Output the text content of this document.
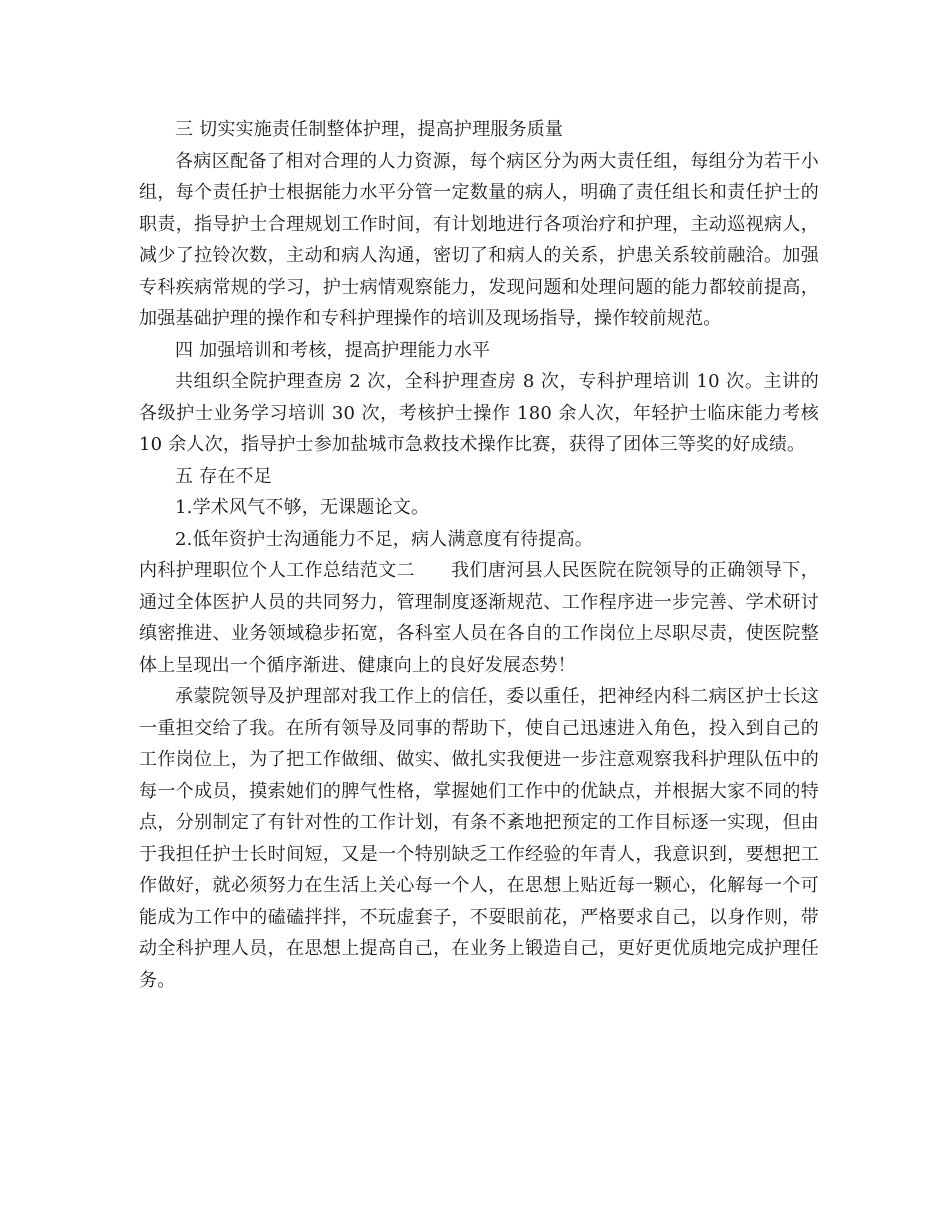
三 切实实施责任制整体护理，提高护理服务质量

各病区配备了相对合理的人力资源，每个病区分为两大责任组，每组分为若干小组，每个责任护士根据能力水平分管一定数量的病人，明确了责任组长和责任护士的职责，指导护士合理规划工作时间，有计划地进行各项治疗和护理，主动巡视病人，减少了拉铃次数，主动和病人沟通，密切了和病人的关系，护患关系较前融洽。加强专科疾病常规的学习，护士病情观察能力，发现问题和处理问题的能力都较前提高，加强基础护理的操作和专科护理操作的培训及现场指导，操作较前规范。

四 加强培训和考核，提高护理能力水平

共组织全院护理查房 2 次，全科护理查房 8 次，专科护理培训 10 次。主讲的各级护士业务学习培训 30 次，考核护士操作 180 余人次，年轻护士临床能力考核 10 余人次，指导护士参加盐城市急救技术操作比赛，获得了团体三等奖的好成绩。

五 存在不足

1.学术风气不够，无课题论文。

2.低年资护士沟通能力不足，病人满意度有待提高。

内科护理职位个人工作总结范文二 我们唐河县人民医院在院领导的正确领导下，通过全体医护人员的共同努力，管理制度逐渐规范、工作程序进一步完善、学术研讨缜密推进、业务领域稳步拓宽，各科室人员在各自的工作岗位上尽职尽责，使医院整体上呈现出一个循序渐进、健康向上的良好发展态势！

承蒙院领导及护理部对我工作上的信任，委以重任，把神经内科二病区护士长这一重担交给了我。在所有领导及同事的帮助下，使自己迅速进入角色，投入到自己的工作岗位上，为了把工作做细、做实、做扎实我便进一步注意观察我科护理队伍中的每一个成员，摸索她们的脾气性格，掌握她们工作中的优缺点，并根据大家不同的特点，分别制定了有针对性的工作计划，有条不紊地把预定的工作目标逐一实现，但由于我担任护士长时间短，又是一个特别缺乏工作经验的年青人，我意识到，要想把工作做好，就必须努力在生活上关心每一个人，在思想上贴近每一颗心，化解每一个可能成为工作中的磕磕拌拌，不玩虚套子，不耍眼前花，严格要求自己，以身作则，带动全科护理人员，在思想上提高自己，在业务上锻造自己，更好更优质地完成护理任务。
